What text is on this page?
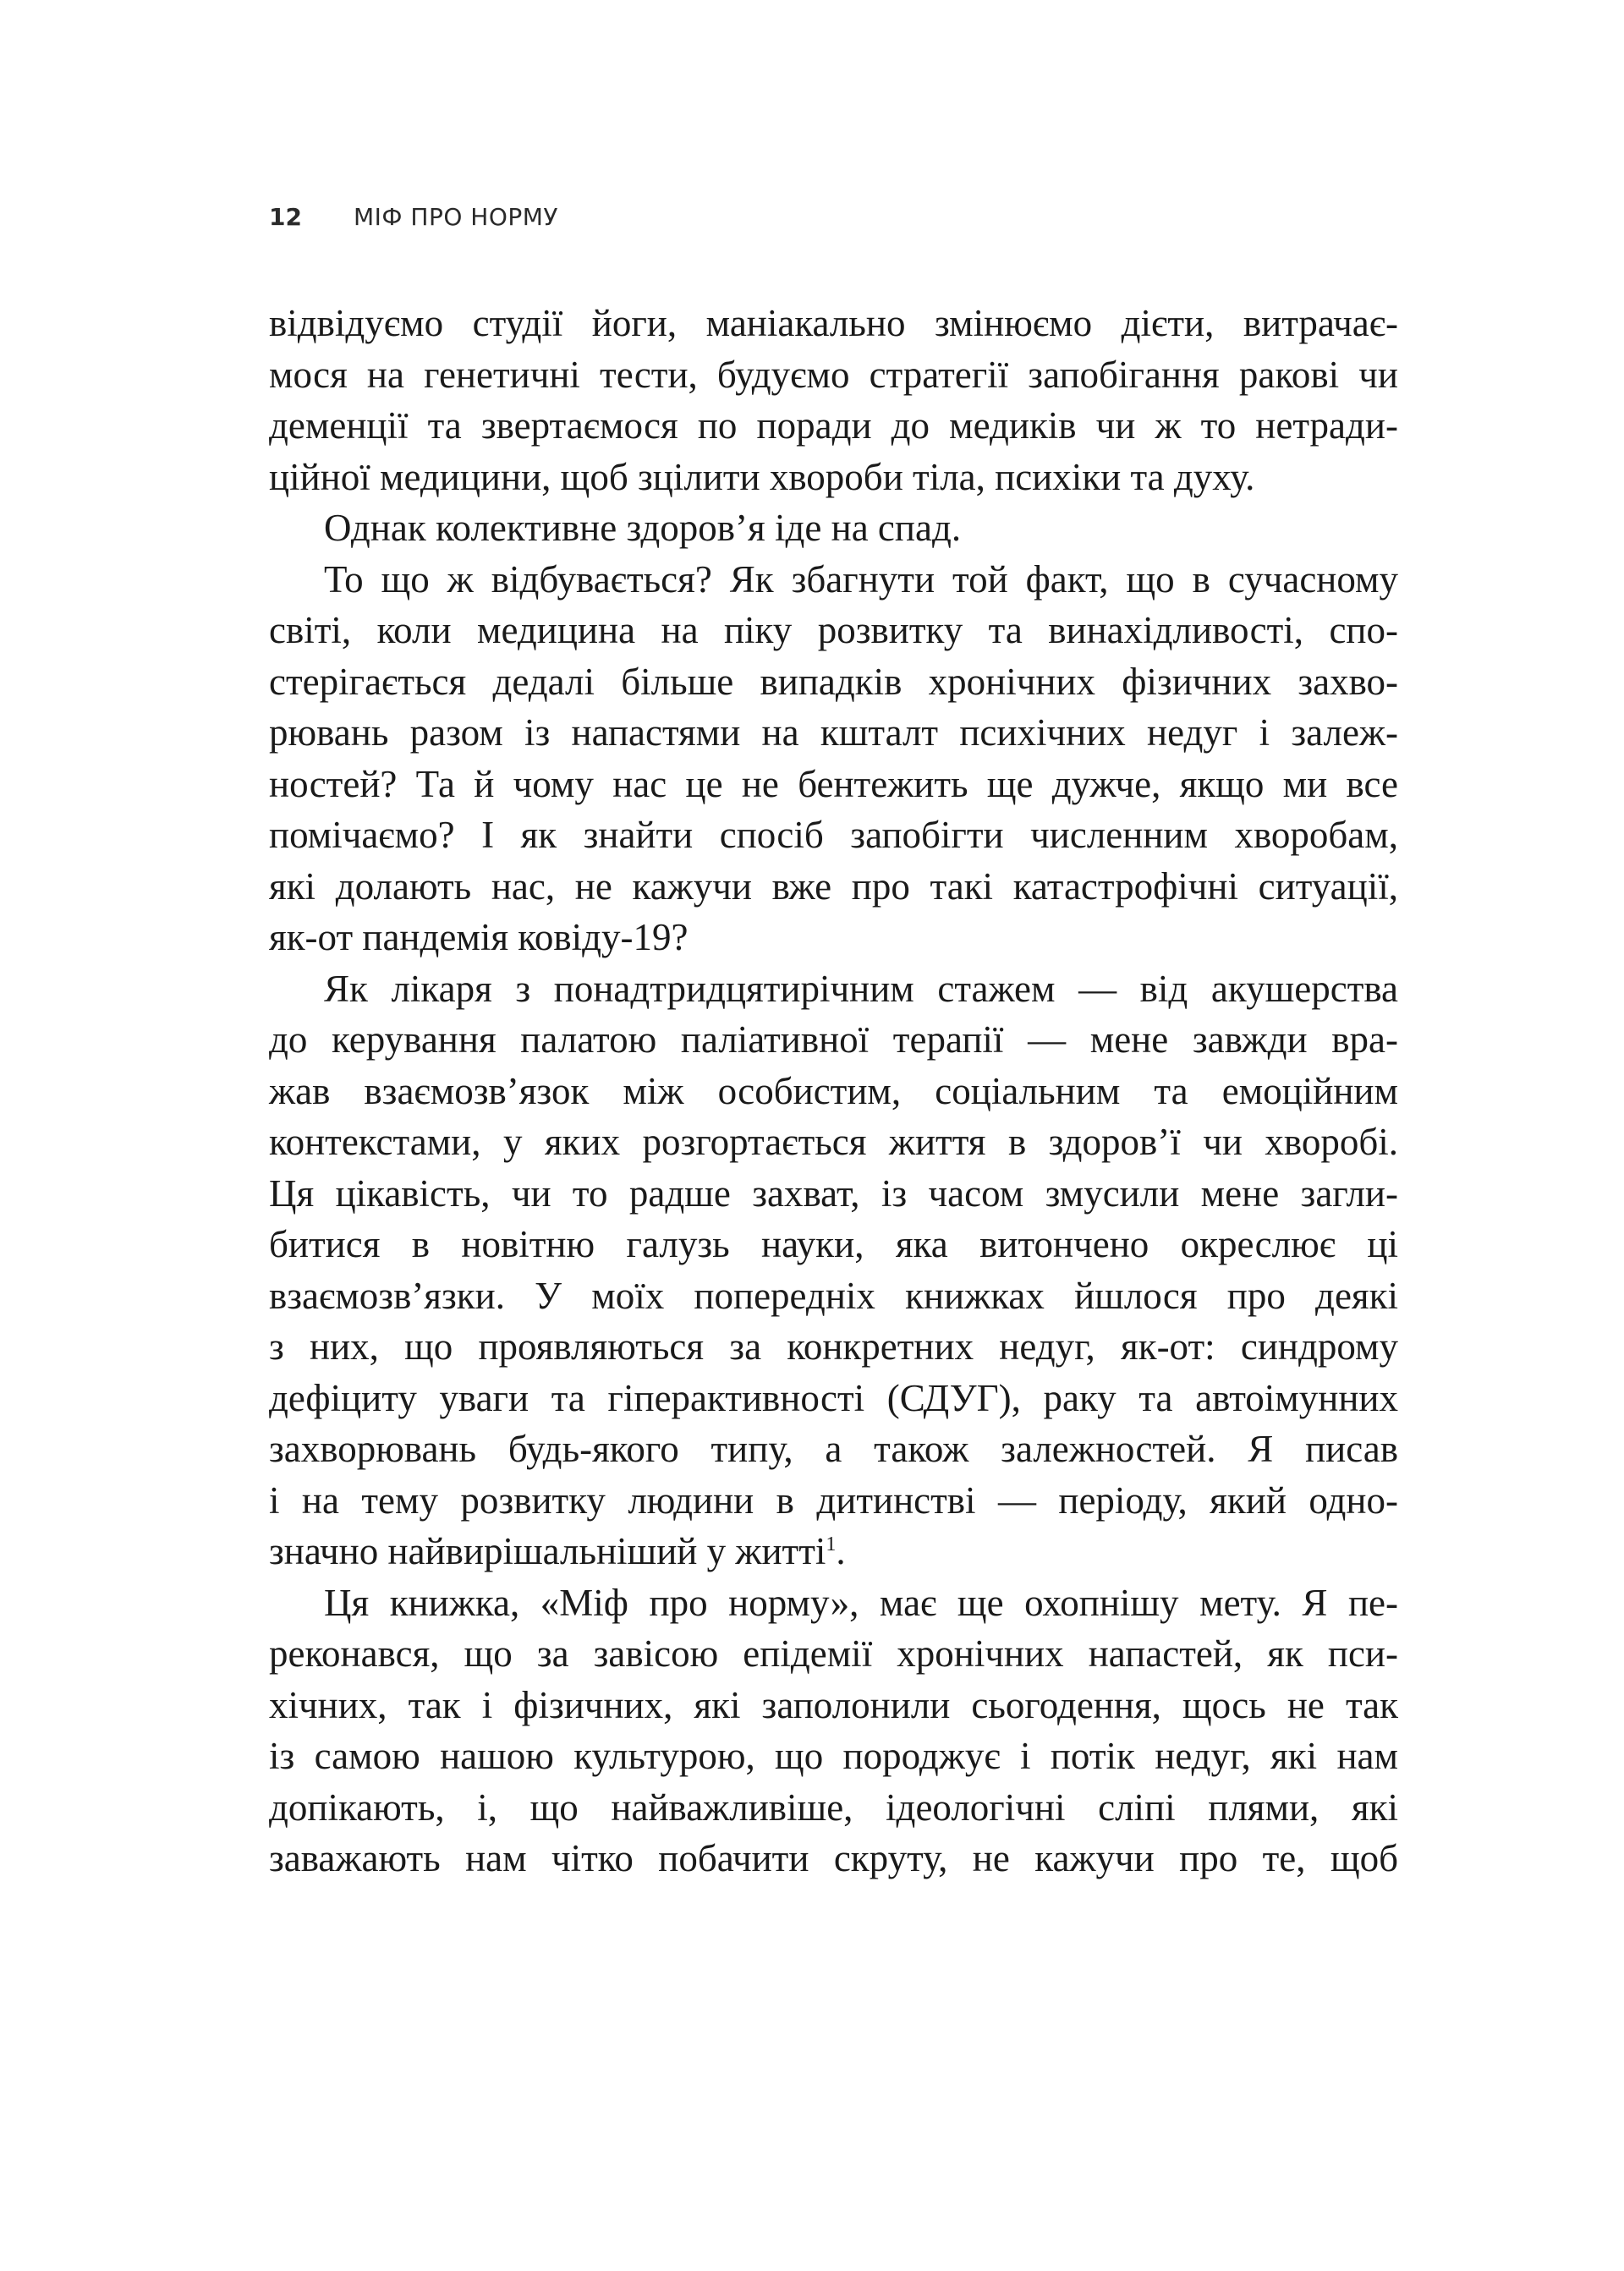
12	МІФ ПРО НОРМУ
відвідуємо студії йоги, маніакально змінюємо дієти, витрачає-
мося на генетичні тести, будуємо стратегії запобігання ракові чи
деменції та звертаємося по поради до медиків чи ж то нетради-
ційної медицини, щоб зцілити хвороби тіла, психіки та духу.
Однак колективне здоров’я іде на спад.
То що ж відбувається? Як збагнути той факт, що в сучасному
світі, коли медицина на піку розвитку та винахідливості, спо-
стерігається дедалі більше випадків хронічних фізичних захво-
рювань разом із напастями на кшталт психічних недуг і залеж-
ностей? Та й чому нас це не бентежить ще дужче, якщо ми все
помічаємо? І як знайти спосіб запобігти численним хворобам,
які долають нас, не кажучи вже про такі катастрофічні ситуації,
як-от пандемія ковіду-19?
Як лікаря з понадтридцятирічним стажем — від акушерства
до керування палатою паліативної терапії — мене завжди вра-
жав взаємозв’язок між особистим, соціальним та емоційним
контекстами, у яких розгортається життя в здоров’ї чи хворобі.
Ця цікавість, чи то радше захват, із часом змусили мене загли-
битися в новітню галузь науки, яка витончено окреслює ці
взаємозв’язки. У моїх попередніх книжках йшлося про деякі
з них, що проявляються за конкретних недуг, як-от: синдрому
дефіциту уваги та гіперактивності (СДУГ), раку та автоімунних
захворювань будь-якого типу, а також залежностей. Я писав
і на тему розвитку людини в дитинстві — періоду, який одно-
значно найвирішальніший у житті$^1$.
Ця книжка, «Міф про норму», має ще охопнішу мету. Я пе-
реконався, що за завісою епідемії хронічних напастей, як пси-
хічних, так і фізичних, які заполонили сьогодення, щось не так
із самою нашою культурою, що породжує і потік недуг, які нам
допікають, і, що найважливіше, ідеологічні сліпі плями, які
заважають нам чітко побачити скруту, не кажучи про те, щоб
